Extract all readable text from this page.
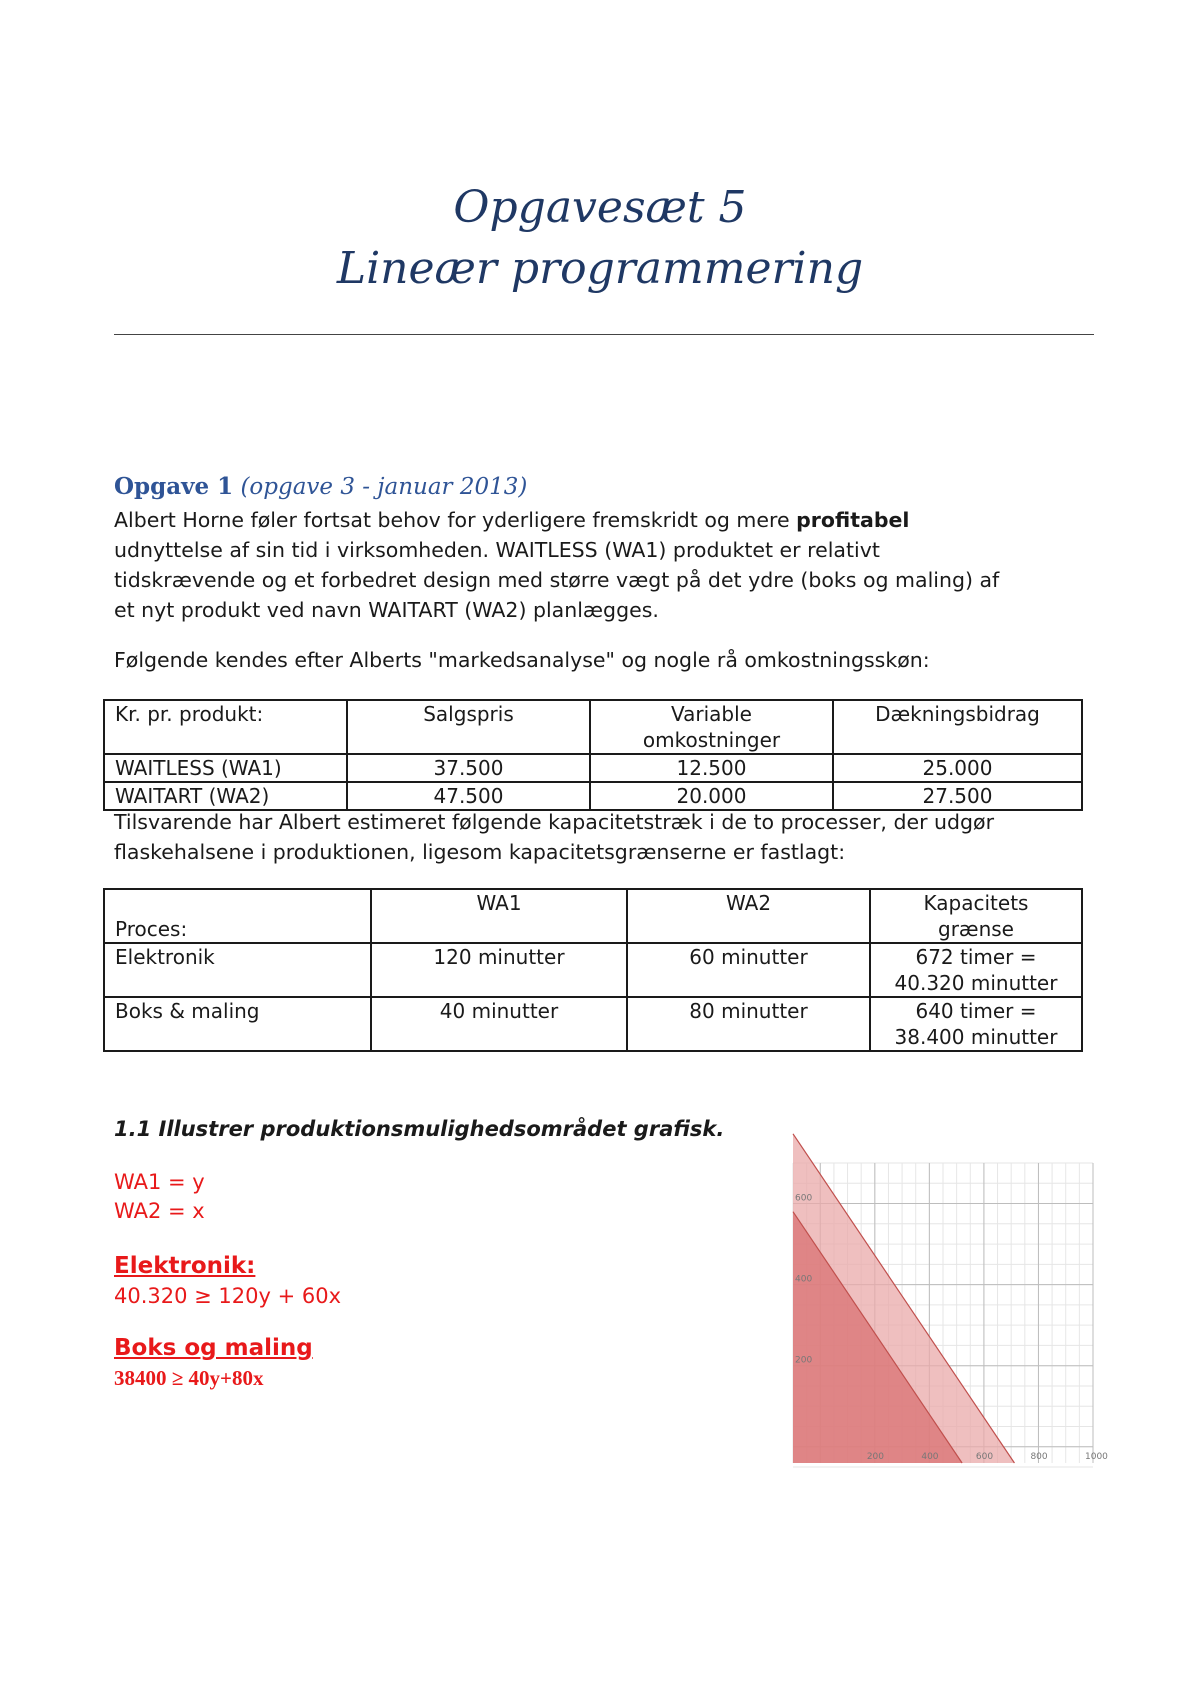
Opgavesæt 5
Lineær programmering
Opgave 1 (opgave 3 - januar 2013)

Albert Horne føler fortsat behov for yderligere fremskridt og mere profitabel

udnyttelse af sin tid i virksomheden. WAITLESS (WA1) produktet er relativt

tidskrævende og et forbedret design med større vægt på det ydre (boks og maling) af

et nyt produkt ved navn WAITART (WA2) planlægges.

Følgende kendes efter Alberts "markedsanalyse" og nogle rå omkostningsskøn:

Kr. pr. produkt:	Salgspris	Variable omkostninger	Dækningsbidrag
WAITLESS (WA1)	37.500	12.500	25.000
WAITART (WA2)	47.500	20.000	27.500

Tilsvarende har Albert estimeret følgende kapacitetstræk i de to processer, der udgør

flaskehalsene i produktionen, ligesom kapacitetsgrænserne er fastlagt:

Proces:	WA1	WA2	Kapacitets grænse

Elektronik	120 minutter	60 minutter	672 timer = 40.320 minutter

Boks & maling	40 minutter	80 minutter	640 timer = 38.400 minutter
1.1 Illustrer produktionsmulighedsområdet grafisk.
WA1 = y
WA2 = x
Elektronik:
40.320 ≥ 120y + 60x
Boks og maling
38400 ≥ 40y+80x
200	400	600	800	1000
200
400
600
